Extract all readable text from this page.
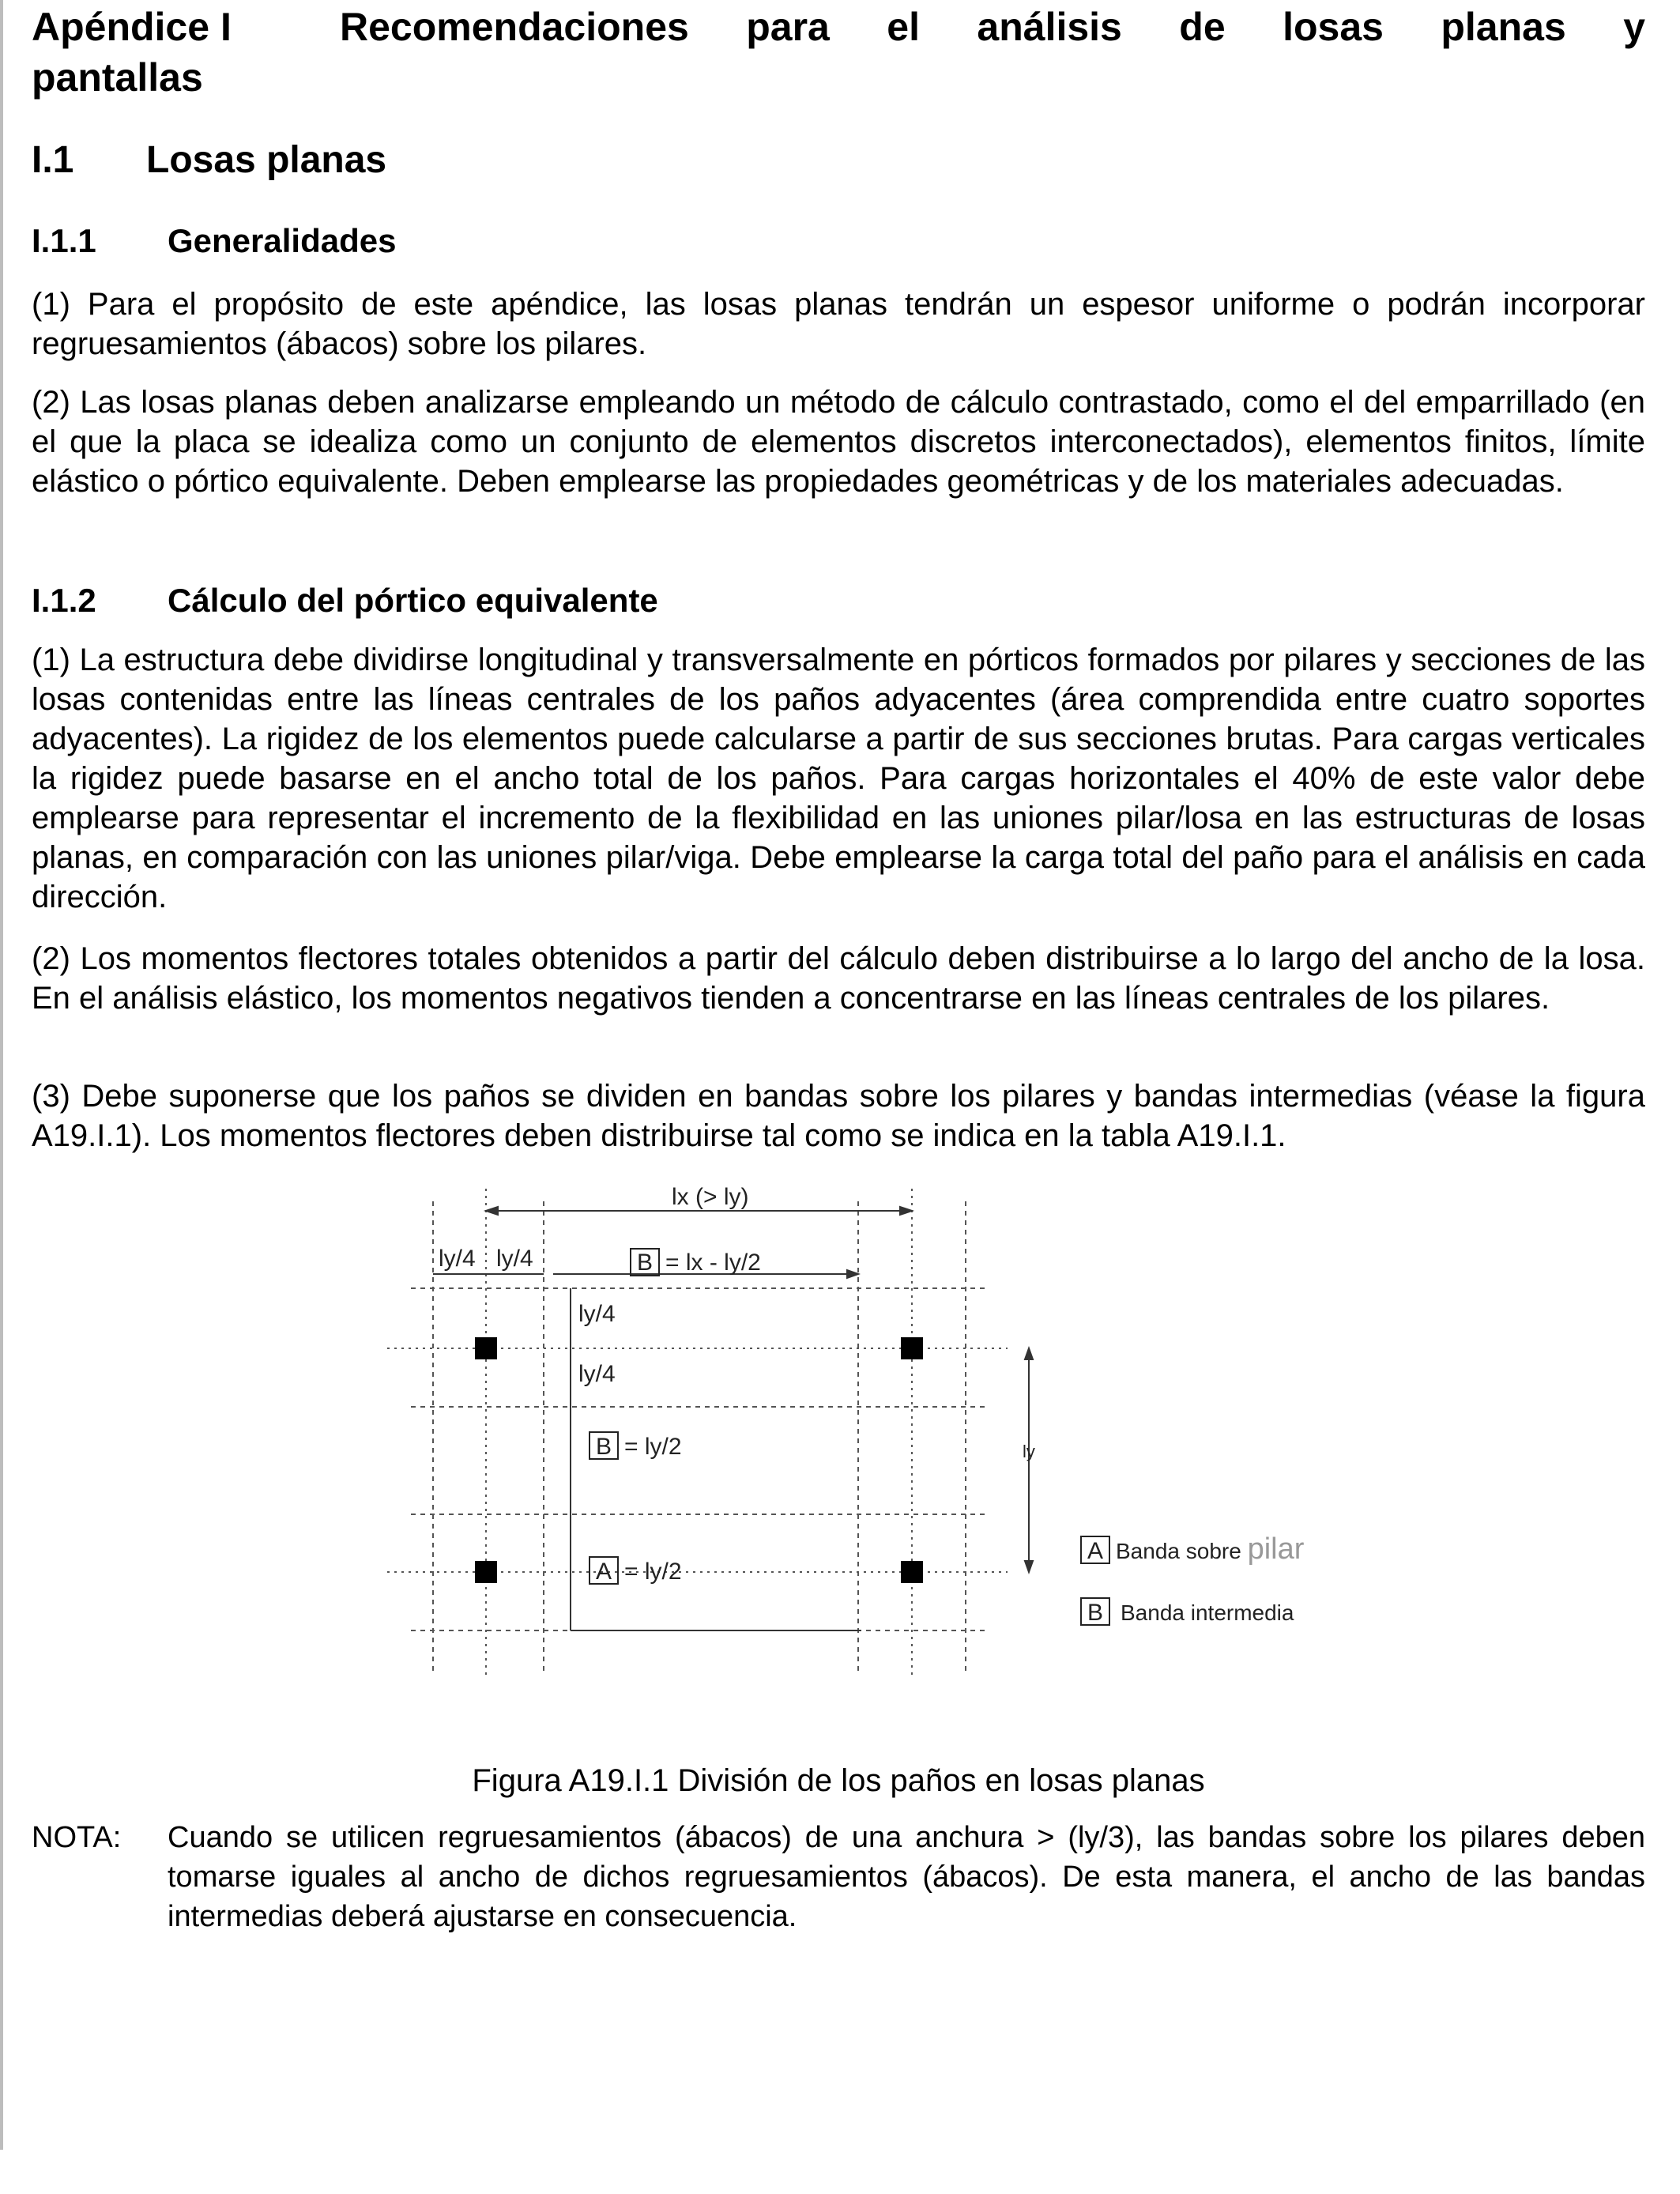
Apéndice I	Recomendaciones para el análisis de losas planas y
pantallas
I.1 Losas planas
I.1.1 Generalidades
(1) Para el propósito de este apéndice, las losas planas tendrán un espesor uniforme o podrán incorporar regruesamientos (ábacos) sobre los pilares.
(2) Las losas planas deben analizarse empleando un método de cálculo contrastado, como el del emparrillado (en el que la placa se idealiza como un conjunto de elementos discretos interconectados), elementos finitos, límite elástico o pórtico equivalente. Deben emplearse las propiedades geométricas y de los materiales adecuadas.
I.1.2 Cálculo del pórtico equivalente
(1) La estructura debe dividirse longitudinal y transversalmente en pórticos formados por pilares y secciones de las losas contenidas entre las líneas centrales de los paños adyacentes (área comprendida entre cuatro soportes adyacentes). La rigidez de los elementos puede calcularse a partir de sus secciones brutas. Para cargas verticales la rigidez puede basarse en el ancho total de los paños. Para cargas horizontales el 40% de este valor debe emplearse para representar el incremento de la flexibilidad en las uniones pilar/losa en las estructuras de losas planas, en comparación con las uniones pilar/viga. Debe emplearse la carga total del paño para el análisis en cada dirección.
(2) Los momentos flectores totales obtenidos a partir del cálculo deben distribuirse a lo largo del ancho de la losa. En el análisis elástico, los momentos negativos tienden a concentrarse en las líneas centrales de los pilares.
(3) Debe suponerse que los paños se dividen en bandas sobre los pilares y bandas intermedias (véase la figura A19.I.1). Los momentos flectores deben distribuirse tal como se indica en la tabla A19.I.1.
lx (> ly)
ly/4 ly/4	B = lx - ly/2
ly/4
ly/4
B = ly/2
A = ly/2
ly
A Banda sobre pilar
B Banda intermedia
Figura A19.I.1 División de los paños en losas planas
NOTA: Cuando se utilicen regruesamientos (ábacos) de una anchura > (ly/3), las bandas sobre los pilares deben tomarse iguales al ancho de dichos regruesamientos (ábacos). De esta manera, el ancho de las bandas intermedias deberá ajustarse en consecuencia.
